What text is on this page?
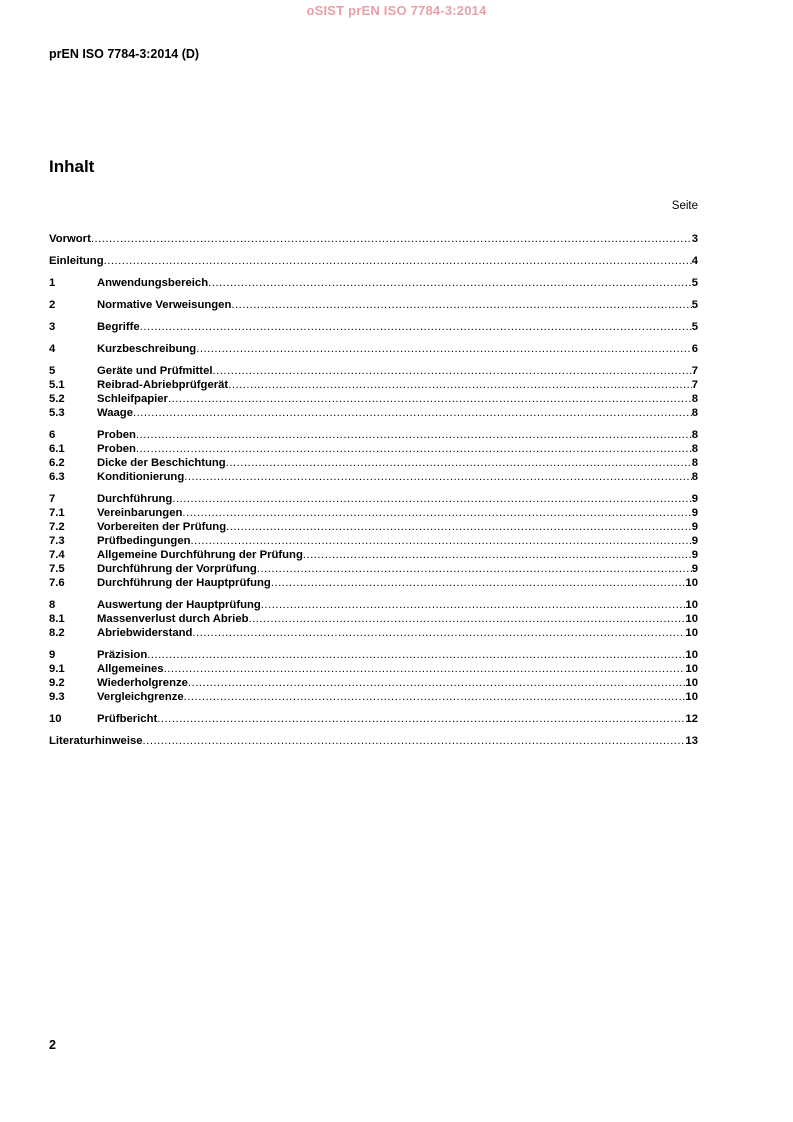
oSIST prEN ISO 7784-3:2014
prEN ISO 7784-3:2014 (D)
Inhalt
Seite
Vorwort .....	3
Einleitung .....	4
1	Anwendungsbereich .....	5
2	Normative Verweisungen .....	5
3	Begriffe .....	5
4	Kurzbeschreibung .....	6
5	Geräte und Prüfmittel .....	7
5.1	Reibrad-Abriebprüfgerät .....	7
5.2	Schleifpapier .....	8
5.3	Waage .....	8
6	Proben .....	8
6.1	Proben .....	8
6.2	Dicke der Beschichtung .....	8
6.3	Konditionierung .....	8
7	Durchführung .....	9
7.1	Vereinbarungen .....	9
7.2	Vorbereiten der Prüfung .....	9
7.3	Prüfbedingungen .....	9
7.4	Allgemeine Durchführung der Prüfung .....	9
7.5	Durchführung der Vorprüfung .....	9
7.6	Durchführung der Hauptprüfung .....	10
8	Auswertung der Hauptprüfung .....	10
8.1	Massenverlust durch Abrieb .....	10
8.2	Abriebwiderstand .....	10
9	Präzision .....	10
9.1	Allgemeines .....	10
9.2	Wiederholgrenze .....	10
9.3	Vergleichgrenze .....	10
10	Prüfbericht .....	12
Literaturhinweise .....	13
2
